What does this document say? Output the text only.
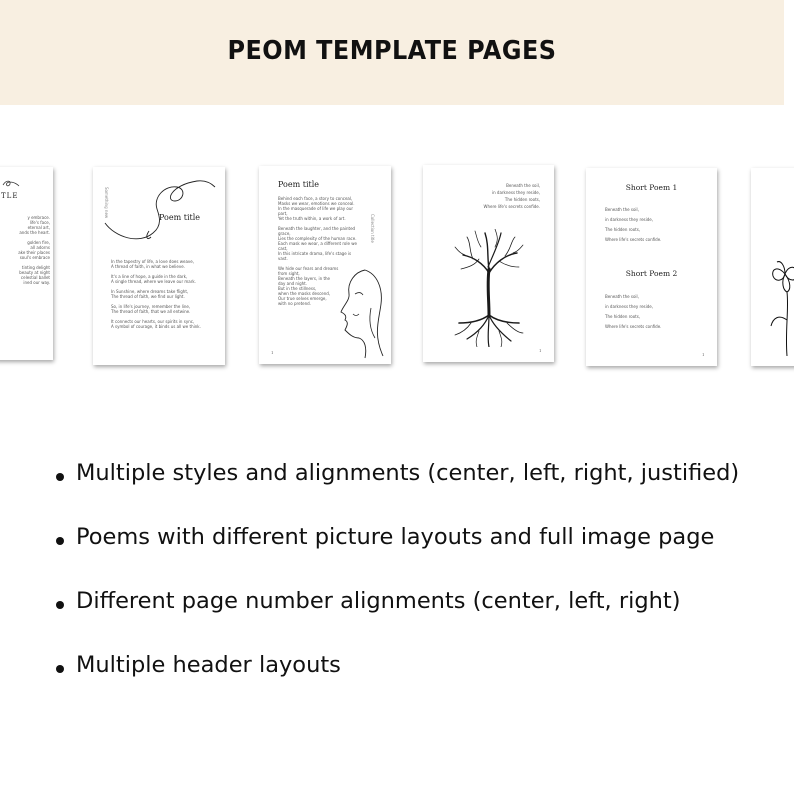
PEOM TEMPLATE PAGES
TLE
y embrace.
life's face,
eternal art,
ands the heart.
golden fire,
all adorns
ake their places
soul's embrace
tinting delight
beauty at night
celestial ballet
ined our way.
Something new	Poem title
In the tapestry of life, a love does weave,
A thread of faith, in what we believe.
It's a line of hope, a guide in the dark,
A single thread, where we leave our mark.
In Sunshine, where dreams take flight,
The thread of faith, we find our light.
So, in life's journey, remember the line,
The thread of faith, that we all entwine.
It connects our hearts, our spirits in sync,
A symbol of courage, it binds us all we think.
Poem title
Collection title
Behind each face, a story to conceal,
Masks we wear, emotions we conceal.
In the masquerade of life we play our
part,
Yet the truth within, a work of art.
Beneath the laughter, and the painted
grace,
Lies the complexity of the human race.
Each mask we wear, a different role we
cast,
In this intricate drama, life's stage is
vast.
We hide our fears and dreams
from sight,
Beneath the layers, in the
day and night.
But in the stillness,
when the masks descend,
Our true selves emerge,
with no pretend.
1
Beneath the soil,
in darkness they reside,
The hidden roots,
Where life's secrets confide.
1
Short Poem 1
Beneath the soil,
in darkness they reside,
The hidden roots,
Where life's secrets confide.
Short Poem 2
Beneath the soil,
in darkness they reside,
The hidden roots,
Where life's secrets confide.
1
Multiple styles and alignments (center, left, right, justified)
Poems with different picture layouts and full image page
Different page number alignments (center, left, right)
Multiple header layouts
